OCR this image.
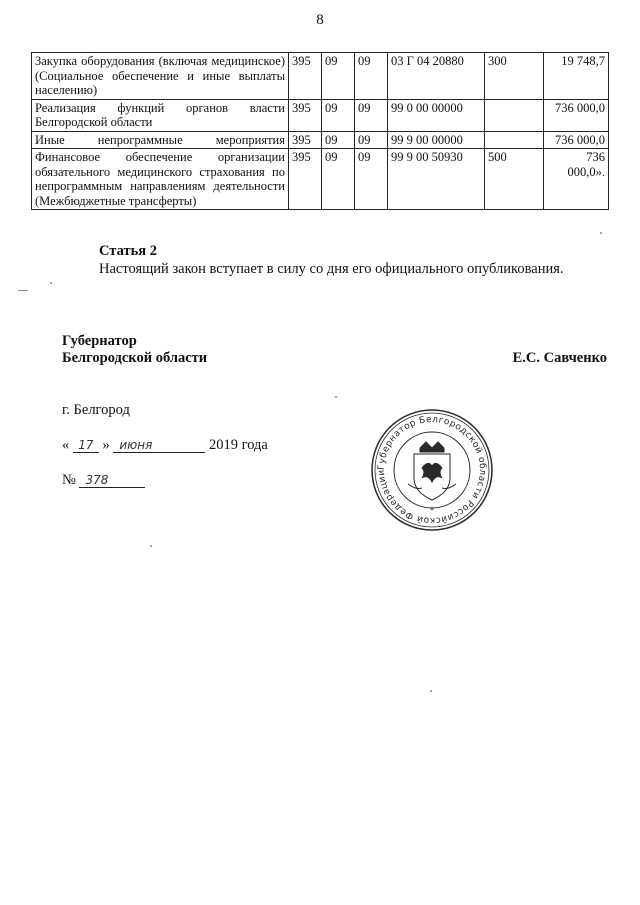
8
Закупка оборудования (включая медицинское) (Социальное обеспечение и иные выплаты населению)	395	09	09	03 Г 04 20880	300	19 748,7
Реализация функций органов власти Белгородской области	395	09	09	99 0 00 00000		736 000,0
Иные непрограммные мероприятия	395	09	09	99 9 00 00000		736 000,0
Финансовое обеспечение организации обязательного медицинского страхования по непрограммным направлениям деятельности (Межбюджетные трансферты)	395	09	09	99 9 00 50930	500	736 000,0».
Статья 2
Настоящий закон вступает в силу со дня его официального опубликования.
Губернатор
Белгородской области	Е.С. Савченко
г. Белгород
« 17 » июня	2019 года
№ 378
Губернатор Белгородской области Российской Федерации
*
